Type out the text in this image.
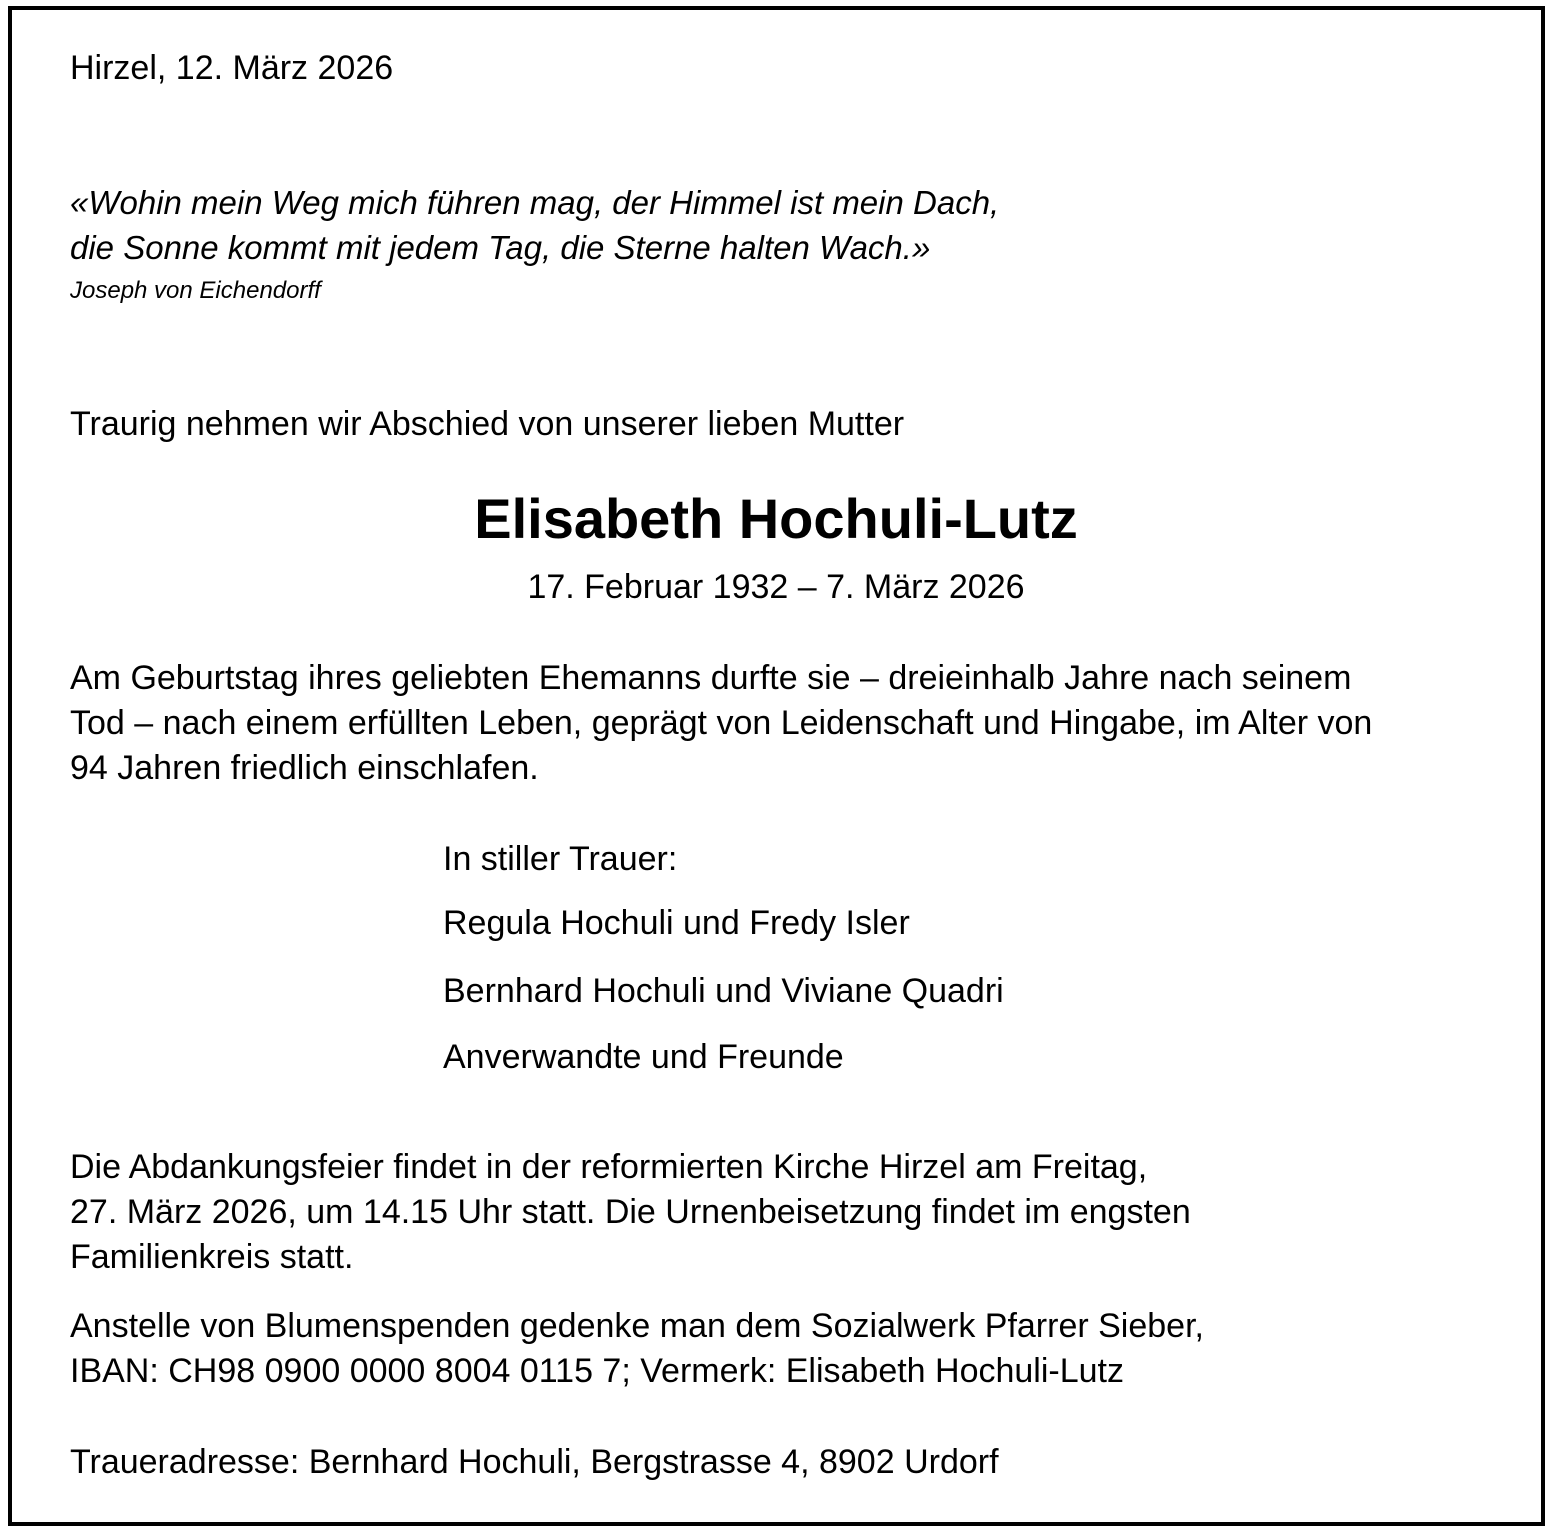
Hirzel, 12. März 2026
«Wohin mein Weg mich führen mag, der Himmel ist mein Dach,
die Sonne kommt mit jedem Tag, die Sterne halten Wach.»
Joseph von Eichendorff
Traurig nehmen wir Abschied von unserer lieben Mutter
Elisabeth Hochuli-Lutz
17. Februar 1932 – 7. März 2026
Am Geburtstag ihres geliebten Ehemanns durfte sie – dreieinhalb Jahre nach seinem
Tod – nach einem erfüllten Leben, geprägt von Leidenschaft und Hingabe, im Alter von
94 Jahren friedlich einschlafen.
In stiller Trauer:
Regula Hochuli und Fredy Isler
Bernhard Hochuli und Viviane Quadri
Anverwandte und Freunde
Die Abdankungsfeier findet in der reformierten Kirche Hirzel am Freitag,
27. März 2026, um 14.15 Uhr statt. Die Urnenbeisetzung findet im engsten
Familienkreis statt.
Anstelle von Blumenspenden gedenke man dem Sozialwerk Pfarrer Sieber,
IBAN: CH98 0900 0000 8004 0115 7; Vermerk: Elisabeth Hochuli-Lutz
Traueradresse: Bernhard Hochuli, Bergstrasse 4, 8902 Urdorf
